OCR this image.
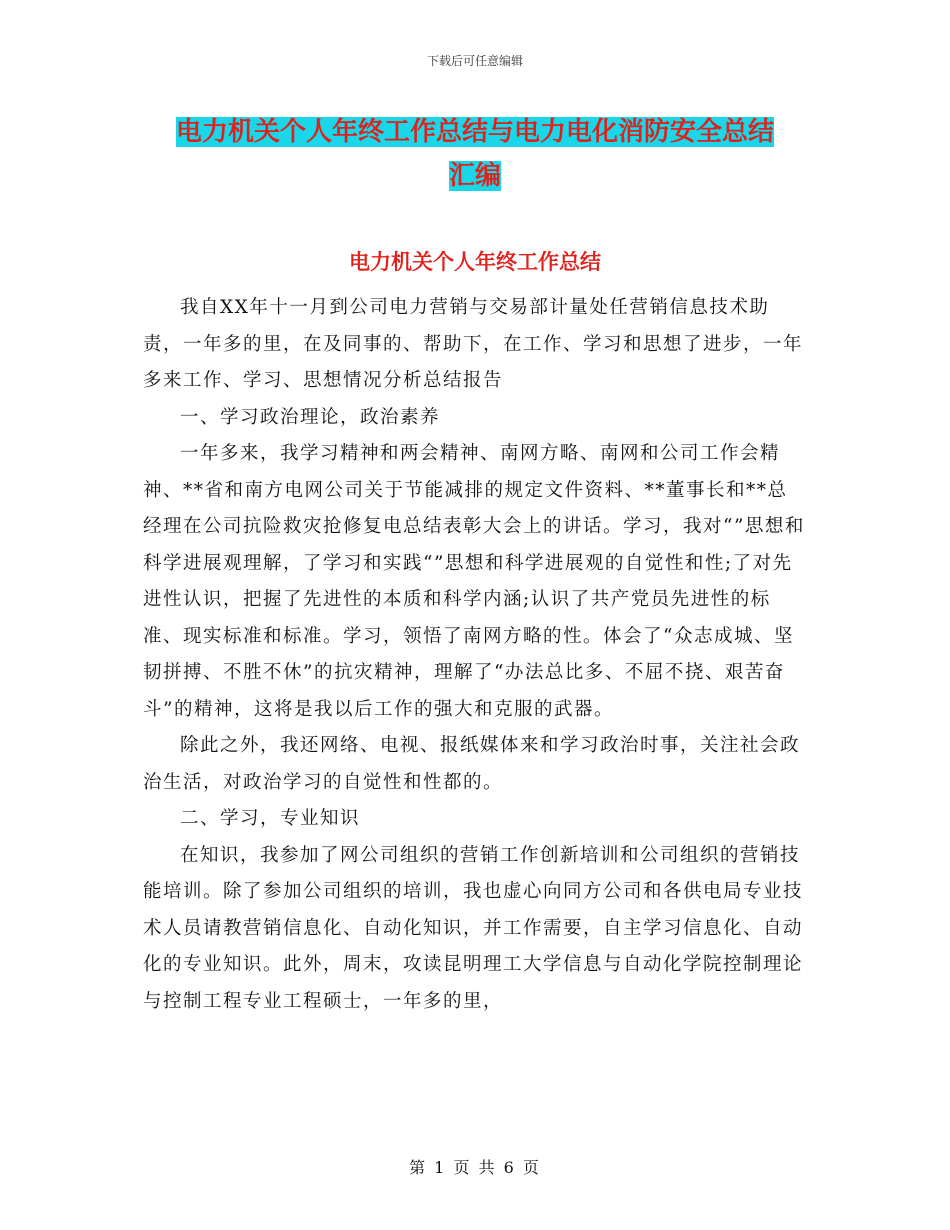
下载后可任意编辑
电力机关个人年终工作总结与电力电化消防安全总结
汇编
电力机关个人年终工作总结

我自XX年十一月到公司电力营销与交易部计量处任营销信息技术助责，一年多的里，在及同事的、帮助下，在工作、学习和思想了进步，一年多来工作、学习、思想情况分析总结报告

一、学习政治理论，政治素养

一年多来，我学习精神和两会精神、南网方略、南网和公司工作会精神、**省和南方电网公司关于节能减排的规定文件资料、**董事长和**总经理在公司抗险救灾抢修复电总结表彰大会上的讲话。学习，我对“”思想和科学进展观理解，了学习和实践“”思想和科学进展观的自觉性和性;了对先进性认识，把握了先进性的本质和科学内涵;认识了共产党员先进性的标准、现实标准和标准。学习，领悟了南网方略的性。体会了“众志成城、坚韧拼搏、不胜不休”的抗灾精神，理解了“办法总比多、不屈不挠、艰苦奋斗”的精神，这将是我以后工作的强大和克服的武器。

除此之外，我还网络、电视、报纸媒体来和学习政治时事，关注社会政治生活，对政治学习的自觉性和性都的。

二、学习，专业知识

在知识，我参加了网公司组织的营销工作创新培训和公司组织的营销技能培训。除了参加公司组织的培训，我也虚心向同方公司和各供电局专业技术人员请教营销信息化、自动化知识，并工作需要，自主学习信息化、自动化的专业知识。此外，周末，攻读昆明理工大学信息与自动化学院控制理论与控制工程专业工程硕士，一年多的里，

第 1 页 共 6 页
